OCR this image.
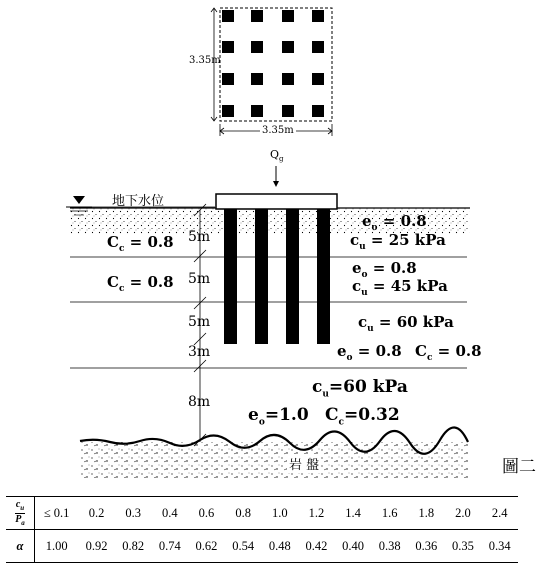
3.35m
3.35m
$Q_g$
地下水位
5m
5m
5m
3m
8m
$C_c = 0.8$
$e_o = 0.8$
$c_u = 25$ kPa
$C_c = 0.8$
$e_o = 0.8$
$c_u = 45$ kPa
$c_u = 60$ kPa
$e_o = 0.8$ $C_c = 0.8$
$c_u=60$ kPa
$e_o=1.0$ $C_c=0.32$
岩 盤	圖二
$\frac{c_u}{P_a}$	≤ 0.1	0.2	0.3	0.4	0.6	0.8	1.0	1.2	1.4	1.6	1.8	2.0	2.4
α	1.00	0.92	0.82	0.74	0.62	0.54	0.48	0.42	0.40	0.38	0.36	0.35	0.34
